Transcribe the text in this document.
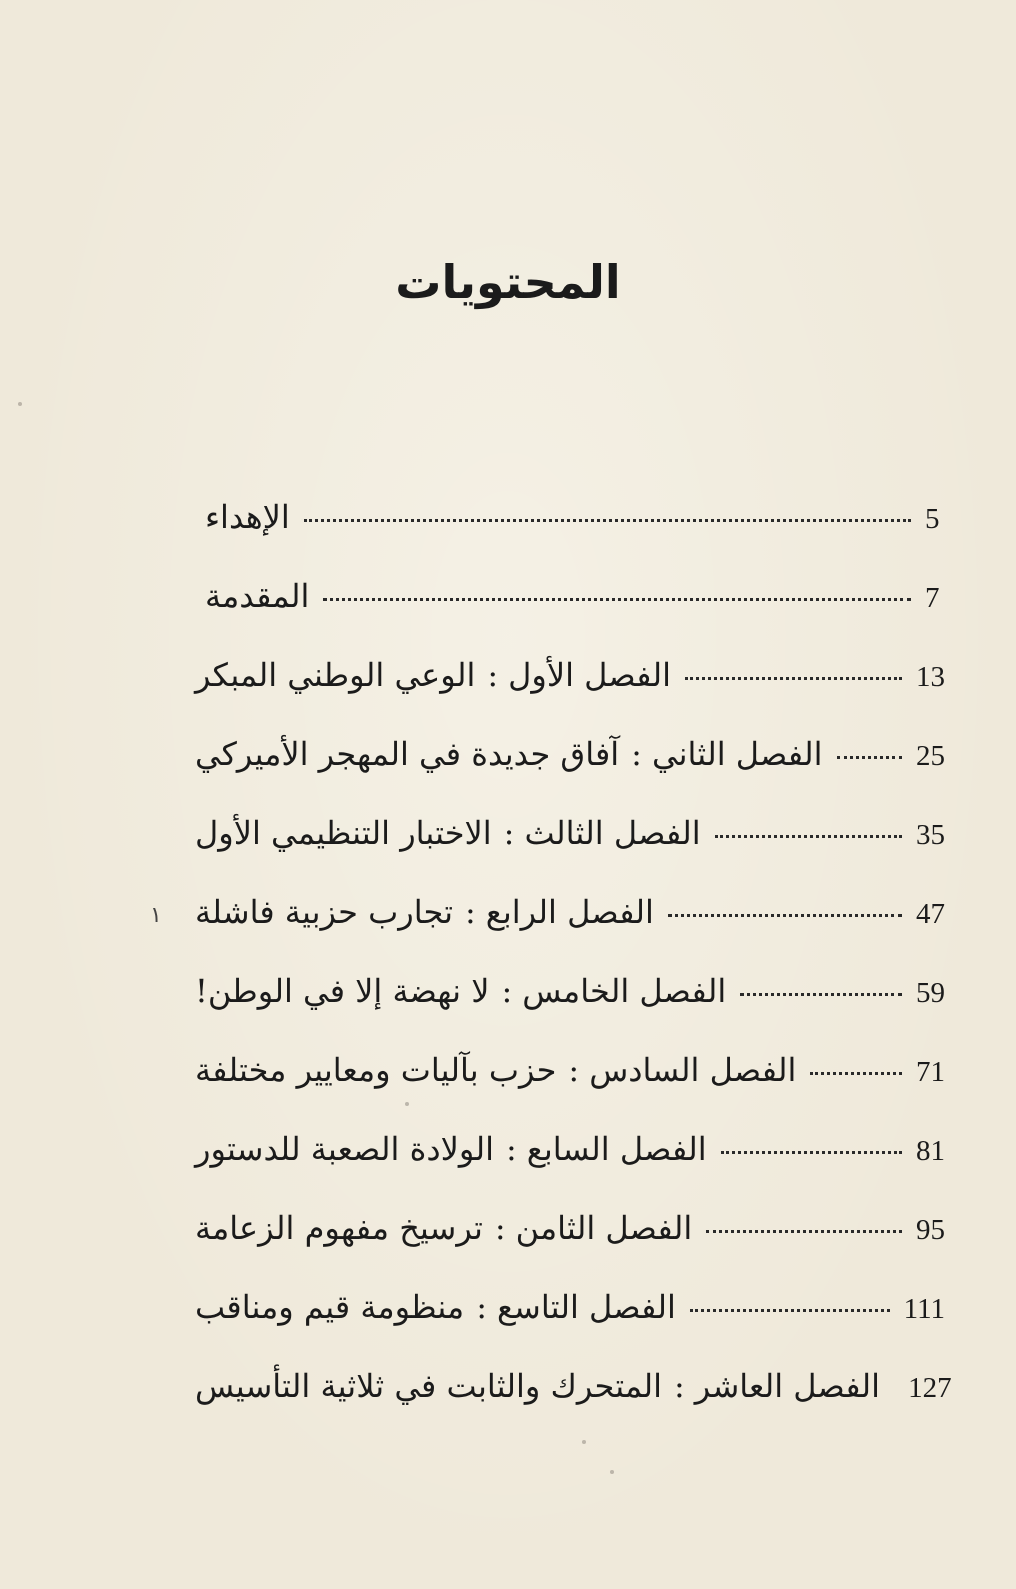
المحتويات
الإهداء	5
المقدمة	7
الفصل الأول:الوعي الوطني المبكر	13
الفصل الثاني:آفاق جديدة في المهجر الأميركي	25
الفصل الثالث:الاختبار التنظيمي الأول	35
الفصل الرابع:تجارب حزبية فاشلة	47
الفصل الخامس:لا نهضة إلا في الوطن!	59
الفصل السادس:حزب بآليات ومعايير مختلفة	71
الفصل السابع:الولادة الصعبة للدستور	81
الفصل الثامن:ترسيخ مفهوم الزعامة	95
الفصل التاسع:منظومة قيم ومناقب	111
الفصل العاشر:المتحرك والثابت في ثلاثية التأسيس	127
١
